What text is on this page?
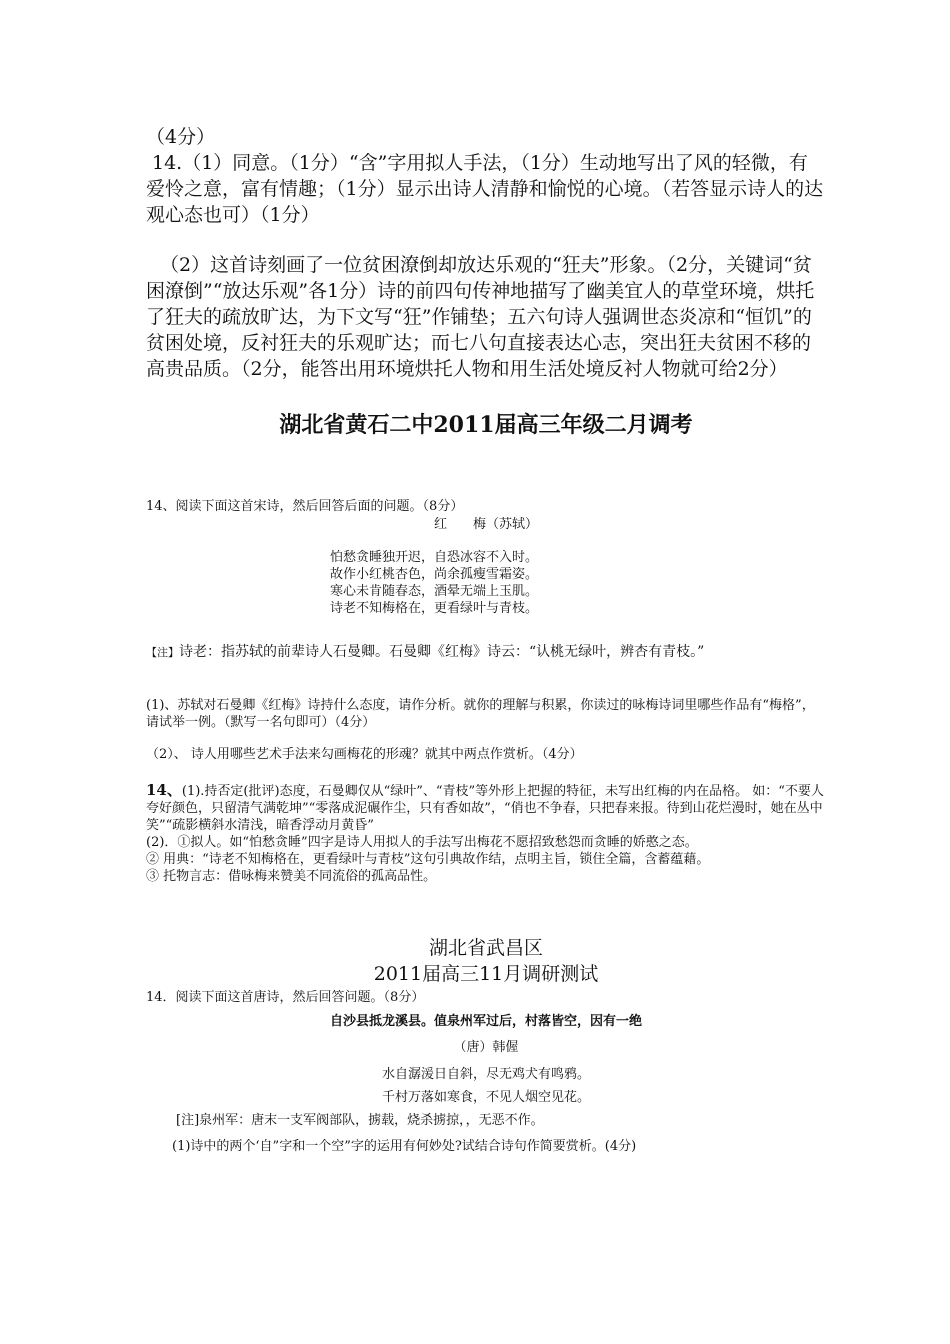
（4分）
14.（1）同意。（1分）“含”字用拟人手法，（1分）生动地写出了风的轻微，有爱怜之意，富有情趣；（1分）显示出诗人清静和愉悦的心境。（若答显示诗人的达观心态也可）（1分）
（2）这首诗刻画了一位贫困潦倒却放达乐观的“狂夫”形象。（2分，关键词“贫困潦倒”“放达乐观”各1分）诗的前四句传神地描写了幽美宜人的草堂环境，烘托了狂夫的疏放旷达，为下文写“狂”作铺垫；五六句诗人强调世态炎凉和“恒饥”的贫困处境，反衬狂夫的乐观旷达；而七八句直接表达心志，突出狂夫贫困不移的高贵品质。（2分，能答出用环境烘托人物和用生活处境反衬人物就可给2分）
湖北省黄石二中2011届高三年级二月调考
14、阅读下面这首宋诗，然后回答后面的问题。（8分）
红　　梅（苏轼）
怕愁贪睡独开迟，自恐冰容不入时。
故作小红桃杏色，尚余孤瘦雪霜姿。
寒心未肯随春态，酒晕无端上玉肌。
诗老不知梅格在，更看绿叶与青枝。
【注】诗老：指苏轼的前辈诗人石曼卿。石曼卿《红梅》诗云：“认桃无绿叶，辨杏有青枝。”
(1)、苏轼对石曼卿《红梅》诗持什么态度，请作分析。就你的理解与积累，你读过的咏梅诗词里哪些作品有“梅格”，请试举一例。（默写一名句即可）（4分）
（2）、 诗人用哪些艺术手法来勾画梅花的形魂？就其中两点作赏析。（4分）

14、(1).持否定(批评)态度，石曼卿仅从“绿叶”、“青枝”等外形上把握的特征，未写出红梅的内在品格。 如：“不要人夸好颜色，只留清气满乾坤”“零落成泥碾作尘，只有香如故”，“俏也不争春，只把春来报。待到山花烂漫时，她在丛中笑”“疏影横斜水清浅，暗香浮动月黄昏”

(2)．①拟人。如“怕愁贪睡”四字是诗人用拟人的手法写出梅花不愿招致愁怨而贪睡的娇憨之态。

② 用典：“诗老不知梅格在，更看绿叶与青枝”这句引典故作结，点明主旨，锁住全篇，含蓄蕴藉。

③ 托物言志：借咏梅来赞美不同流俗的孤高品性。

湖北省武昌区
2011届高三11月调研测试
14．阅读下面这首唐诗，然后回答问题。（8分）
自沙县抵龙溪县。值泉州军过后，村落皆空，因有一绝
（唐）韩偓
水自潺湲日自斜，尽无鸡犬有鸣鸦。
千村万落如寒食，不见人烟空见花。
[注]泉州军：唐末一支军阀部队，掳载，烧杀掳掠，，无恶不作。
(1)诗中的两个‘自”字和一个空”字的运用有何妙处?试结合诗句作简要赏析。(4分)
